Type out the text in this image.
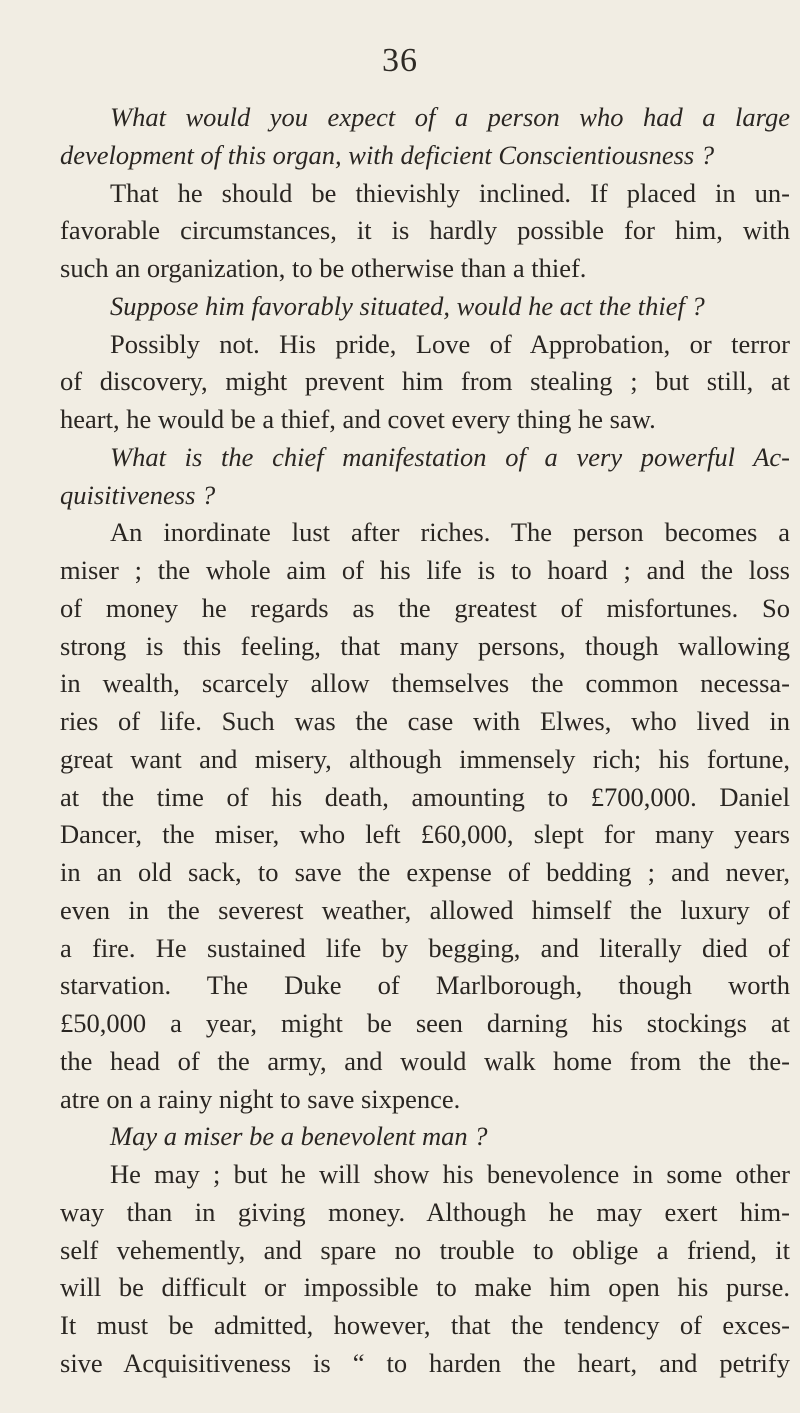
36
What would you expect of a person who had a large
development of this organ, with deficient Conscientiousness ?
That he should be thievishly inclined. If placed in un-
favorable circumstances, it is hardly possible for him, with
such an organization, to be otherwise than a thief.
Suppose him favorably situated, would he act the thief ?
Possibly not. His pride, Love of Approbation, or terror
of discovery, might prevent him from stealing ; but still, at
heart, he would be a thief, and covet every thing he saw.
What is the chief manifestation of a very powerful Ac-
quisitiveness ?
An inordinate lust after riches. The person becomes a
miser ; the whole aim of his life is to hoard ; and the loss
of money he regards as the greatest of misfortunes. So
strong is this feeling, that many persons, though wallowing
in wealth, scarcely allow themselves the common necessa-
ries of life. Such was the case with Elwes, who lived in
great want and misery, although immensely rich; his fortune,
at the time of his death, amounting to £700,000. Daniel
Dancer, the miser, who left £60,000, slept for many years
in an old sack, to save the expense of bedding ; and never,
even in the severest weather, allowed himself the luxury of
a fire. He sustained life by begging, and literally died of
starvation. The Duke of Marlborough, though worth
£50,000 a year, might be seen darning his stockings at
the head of the army, and would walk home from the the-
atre on a rainy night to save sixpence.
May a miser be a benevolent man ?
He may ; but he will show his benevolence in some other
way than in giving money. Although he may exert him-
self vehemently, and spare no trouble to oblige a friend, it
will be difficult or impossible to make him open his purse.
It must be admitted, however, that the tendency of exces-
sive Acquisitiveness is “ to harden the heart, and petrify
